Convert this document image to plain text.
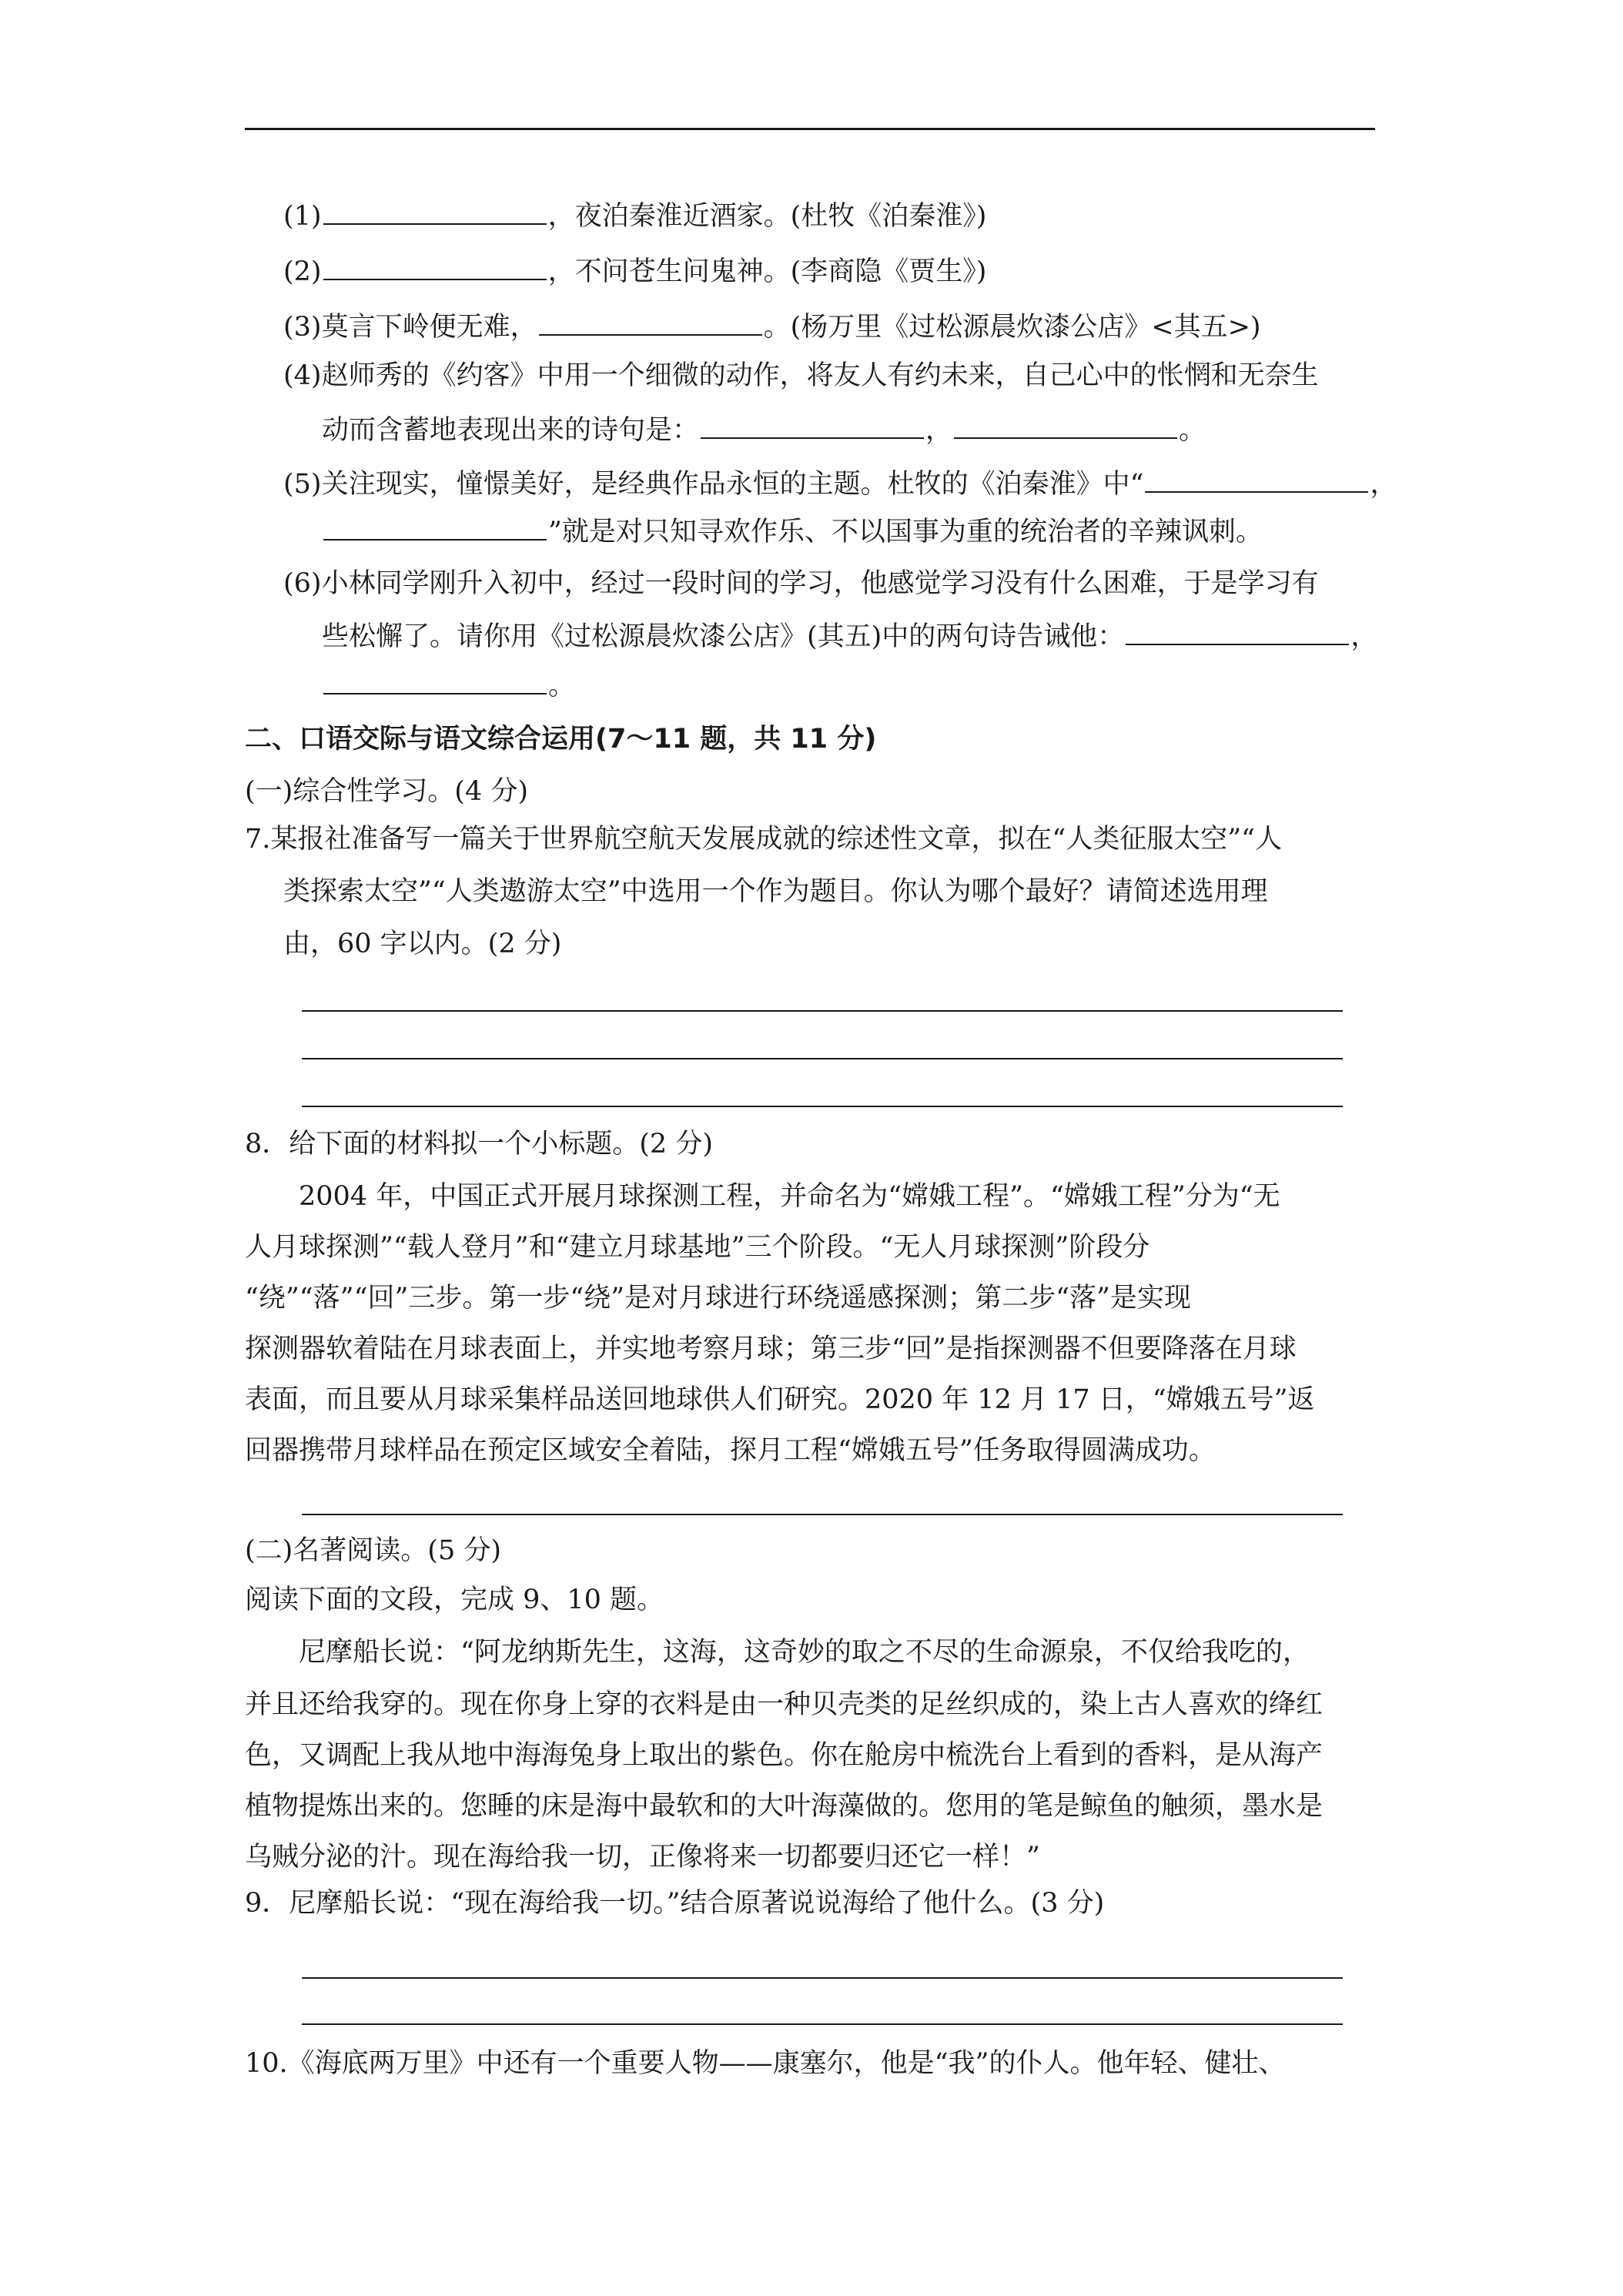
(1)	，夜泊秦淮近酒家。(杜牧《泊秦淮》)
(2)	，不问苍生问鬼神。(李商隐《贾生》)
(3)莫言下岭便无难，	。(杨万里《过松源晨炊漆公店》<其五>)
(4)赵师秀的《约客》中用一个细微的动作，将友人有约未来，自己心中的怅惘和无奈生
动而含蓄地表现出来的诗句是：	，	。
(5)关注现实，憧憬美好，是经典作品永恒的主题。杜牧的《泊秦淮》中“	，
”就是对只知寻欢作乐、不以国事为重的统治者的辛辣讽刺。
(6)小林同学刚升入初中，经过一段时间的学习，他感觉学习没有什么困难，于是学习有
些松懈了。请你用《过松源晨炊漆公店》(其五)中的两句诗告诫他：	，
。
二、口语交际与语文综合运用(7～11 题，共 11 分)
(一)综合性学习。(4 分)
7.某报社准备写一篇关于世界航空航天发展成就的综述性文章，拟在“人类征服太空”“人
类探索太空”“人类遨游太空”中选用一个作为题目。你认为哪个最好？请简述选用理
由，60 字以内。(2 分)
8．给下面的材料拟一个小标题。(2 分)
2004 年，中国正式开展月球探测工程，并命名为“嫦娥工程”。“嫦娥工程”分为“无
人月球探测”“载人登月”和“建立月球基地”三个阶段。“无人月球探测”阶段分
“绕”“落”“回”三步。第一步“绕”是对月球进行环绕遥感探测；第二步“落”是实现
探测器软着陆在月球表面上，并实地考察月球；第三步“回”是指探测器不但要降落在月球
表面，而且要从月球采集样品送回地球供人们研究。2020 年 12 月 17 日，“嫦娥五号”返
回器携带月球样品在预定区域安全着陆，探月工程“嫦娥五号”任务取得圆满成功。
(二)名著阅读。(5 分)
阅读下面的文段，完成 9、10 题。
尼摩船长说：“阿龙纳斯先生，这海，这奇妙的取之不尽的生命源泉，不仅给我吃的，
并且还给我穿的。现在你身上穿的衣料是由一种贝壳类的足丝织成的，染上古人喜欢的绛红
色，又调配上我从地中海海兔身上取出的紫色。你在舱房中梳洗台上看到的香料，是从海产
植物提炼出来的。您睡的床是海中最软和的大叶海藻做的。您用的笔是鲸鱼的触须，墨水是
乌贼分泌的汁。现在海给我一切，正像将来一切都要归还它一样！”
9．尼摩船长说：“现在海给我一切。”结合原著说说海给了他什么。(3 分)
10.《海底两万里》中还有一个重要人物——康塞尔，他是“我”的仆人。他年轻、健壮、
